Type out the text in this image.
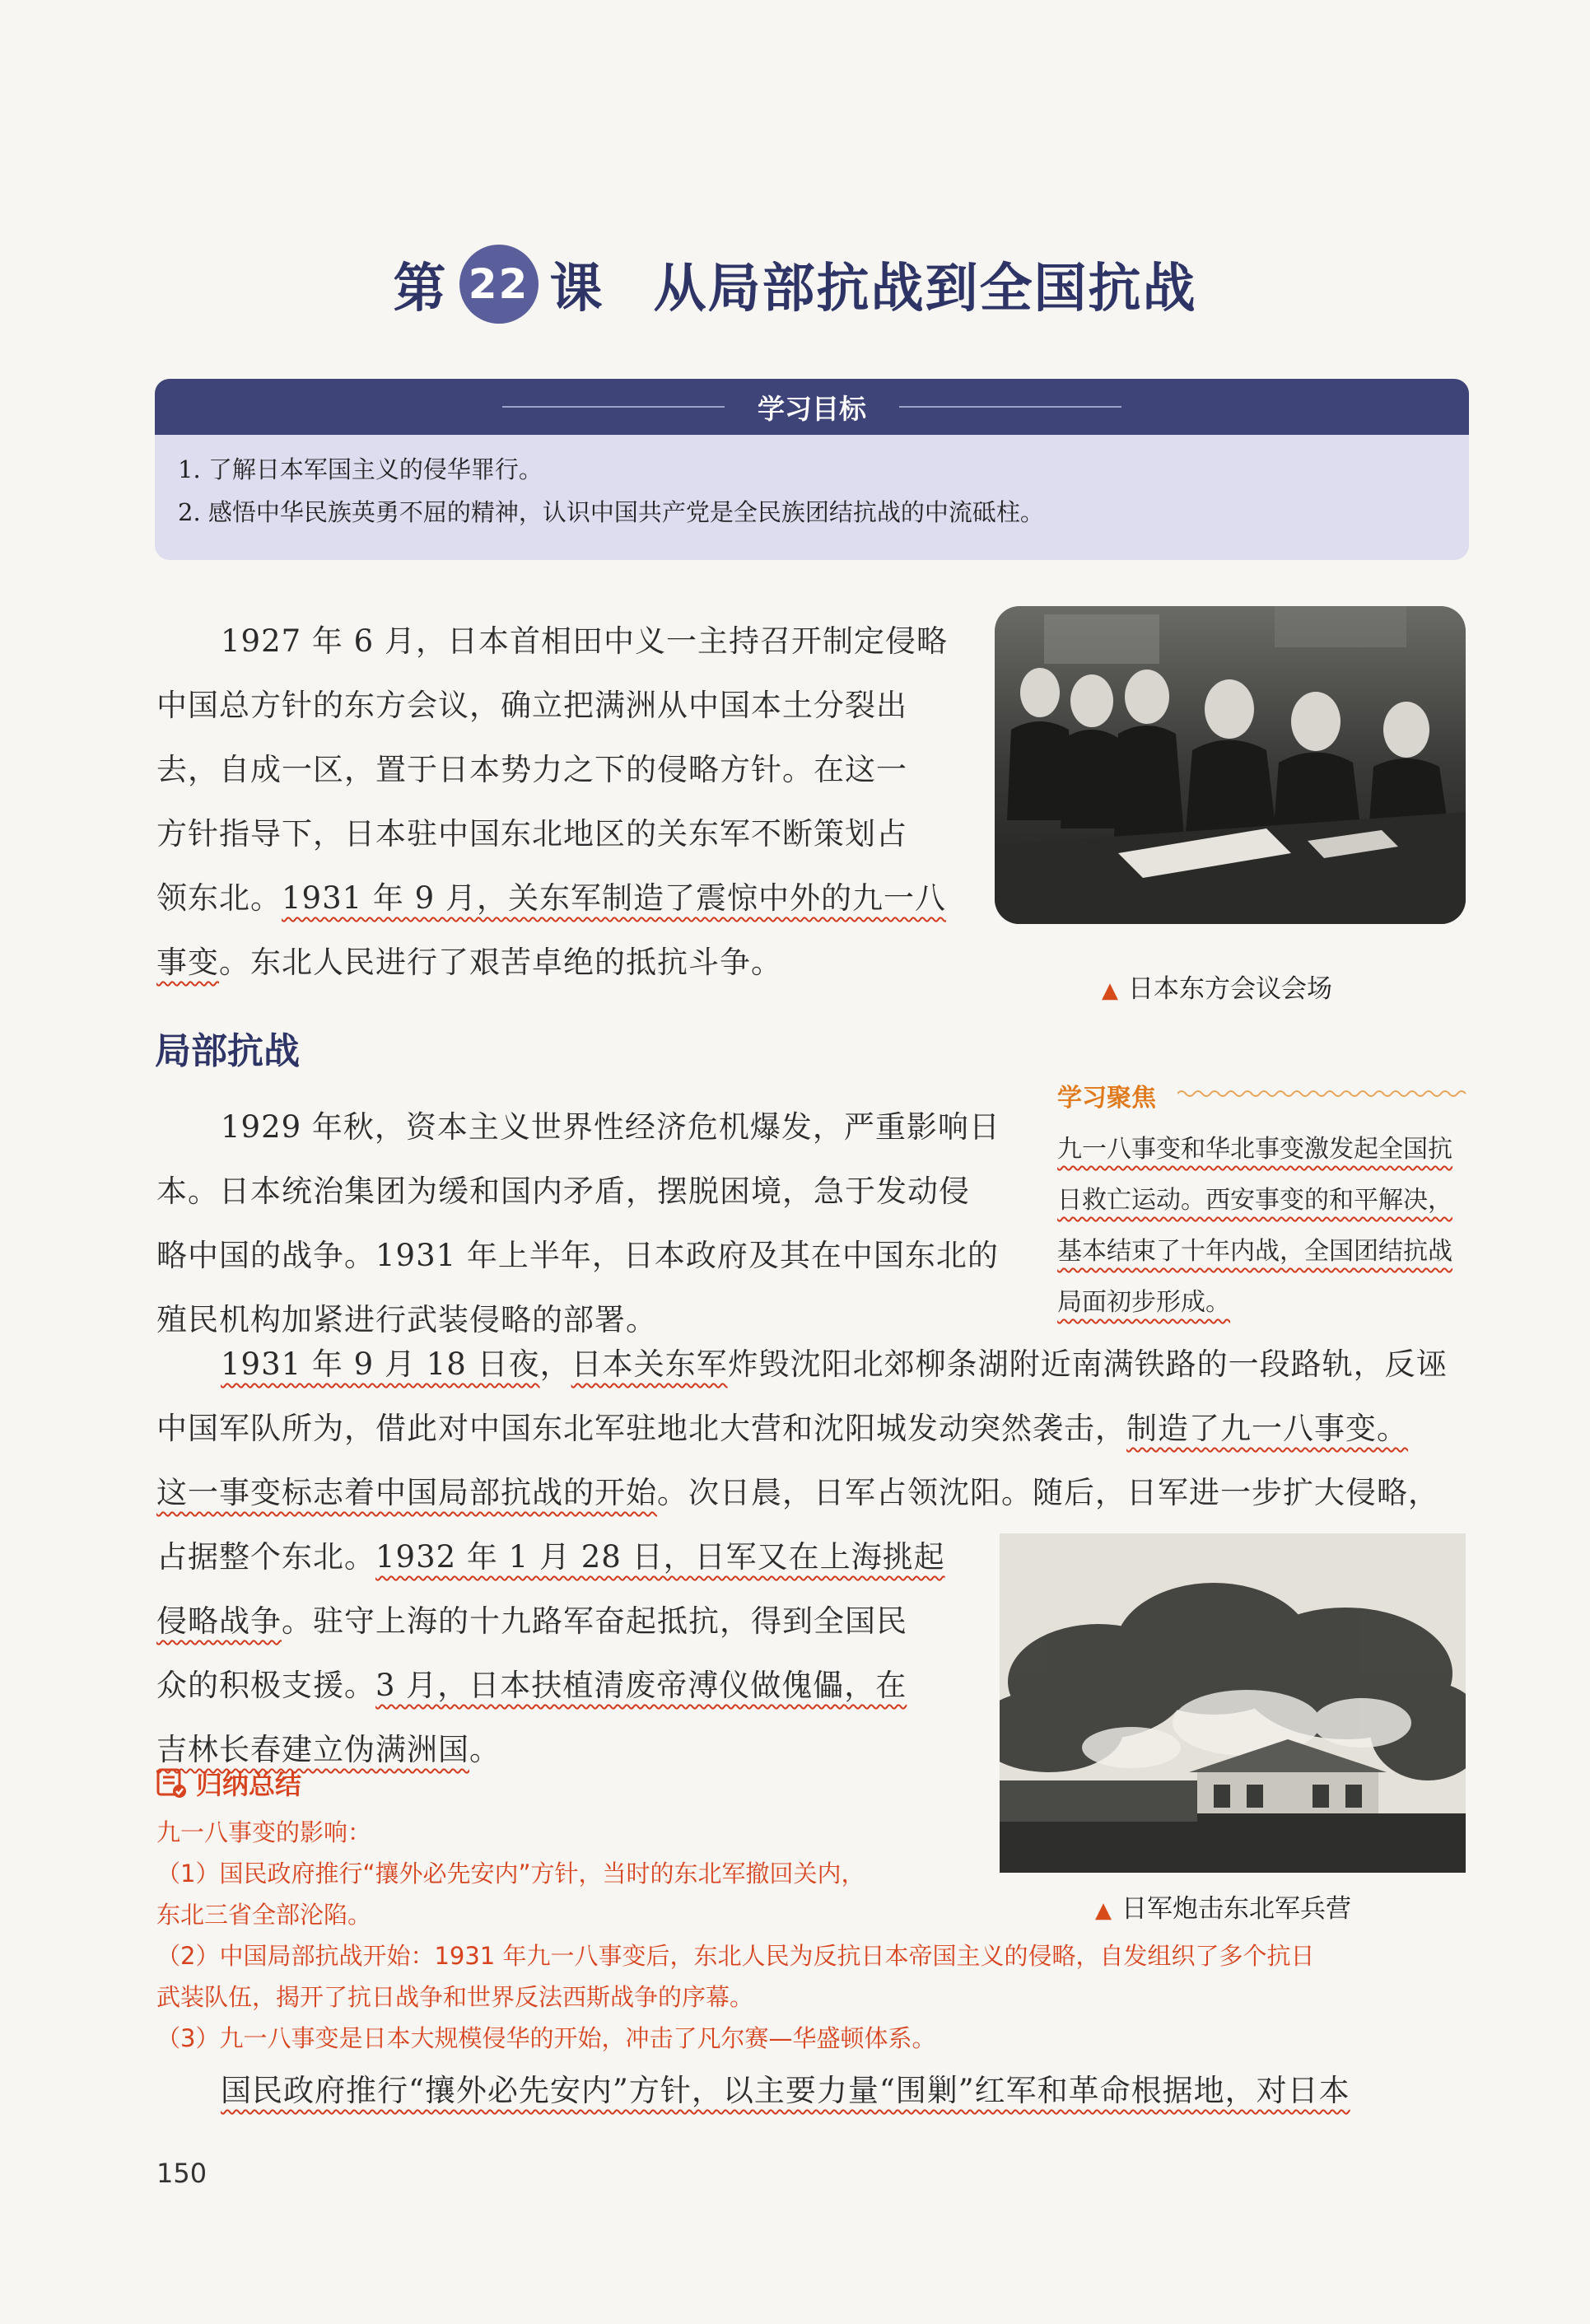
第 22 课 从局部抗战到全国抗战
学习目标
1. 了解日本军国主义的侵华罪行。
2. 感悟中华民族英勇不屈的精神，认识中国共产党是全民族团结抗战的中流砥柱。
1927 年 6 月，日本首相田中义一主持召开制定侵略
中国总方针的东方会议，确立把满洲从中国本土分裂出
去，自成一区，置于日本势力之下的侵略方针。在这一
方针指导下，日本驻中国东北地区的关东军不断策划占
领东北。1931 年 9 月，关东军制造了震惊中外的九一八
事变。东北人民进行了艰苦卓绝的抵抗斗争。
▲ 日本东方会议会场
局部抗战
学习聚焦
九一八事变和华北事变激发起全国抗日救亡运动。西安事变的和平解决，基本结束了十年内战，全国团结抗战局面初步形成。
1929 年秋，资本主义世界性经济危机爆发，严重影响日
本。日本统治集团为缓和国内矛盾，摆脱困境，急于发动侵
略中国的战争。1931 年上半年，日本政府及其在中国东北的
殖民机构加紧进行武装侵略的部署。
1931 年 9 月 18 日夜，日本关东军炸毁沈阳北郊柳条湖附近南满铁路的一段路轨，反诬
中国军队所为，借此对中国东北军驻地北大营和沈阳城发动突然袭击，制造了九一八事变。
这一事变标志着中国局部抗战的开始。次日晨，日军占领沈阳。随后，日军进一步扩大侵略，
占据整个东北。1932 年 1 月 28 日，日军又在上海挑起
侵略战争。驻守上海的十九路军奋起抵抗，得到全国民
众的积极支援。3 月，日本扶植清废帝溥仪做傀儡，在
吉林长春建立伪满洲国。
▲ 日军炮击东北军兵营
归纳总结
九一八事变的影响：
（1）国民政府推行“攘外必先安内”方针，当时的东北军撤回关内，
东北三省全部沦陷。
（2）中国局部抗战开始：1931 年九一八事变后，东北人民为反抗日本帝国主义的侵略，自发组织了多个抗日
武装队伍，揭开了抗日战争和世界反法西斯战争的序幕。
（3）九一八事变是日本大规模侵华的开始，冲击了凡尔赛—华盛顿体系。
国民政府推行“攘外必先安内”方针，以主要力量“围剿”红军和革命根据地，对日本
150
